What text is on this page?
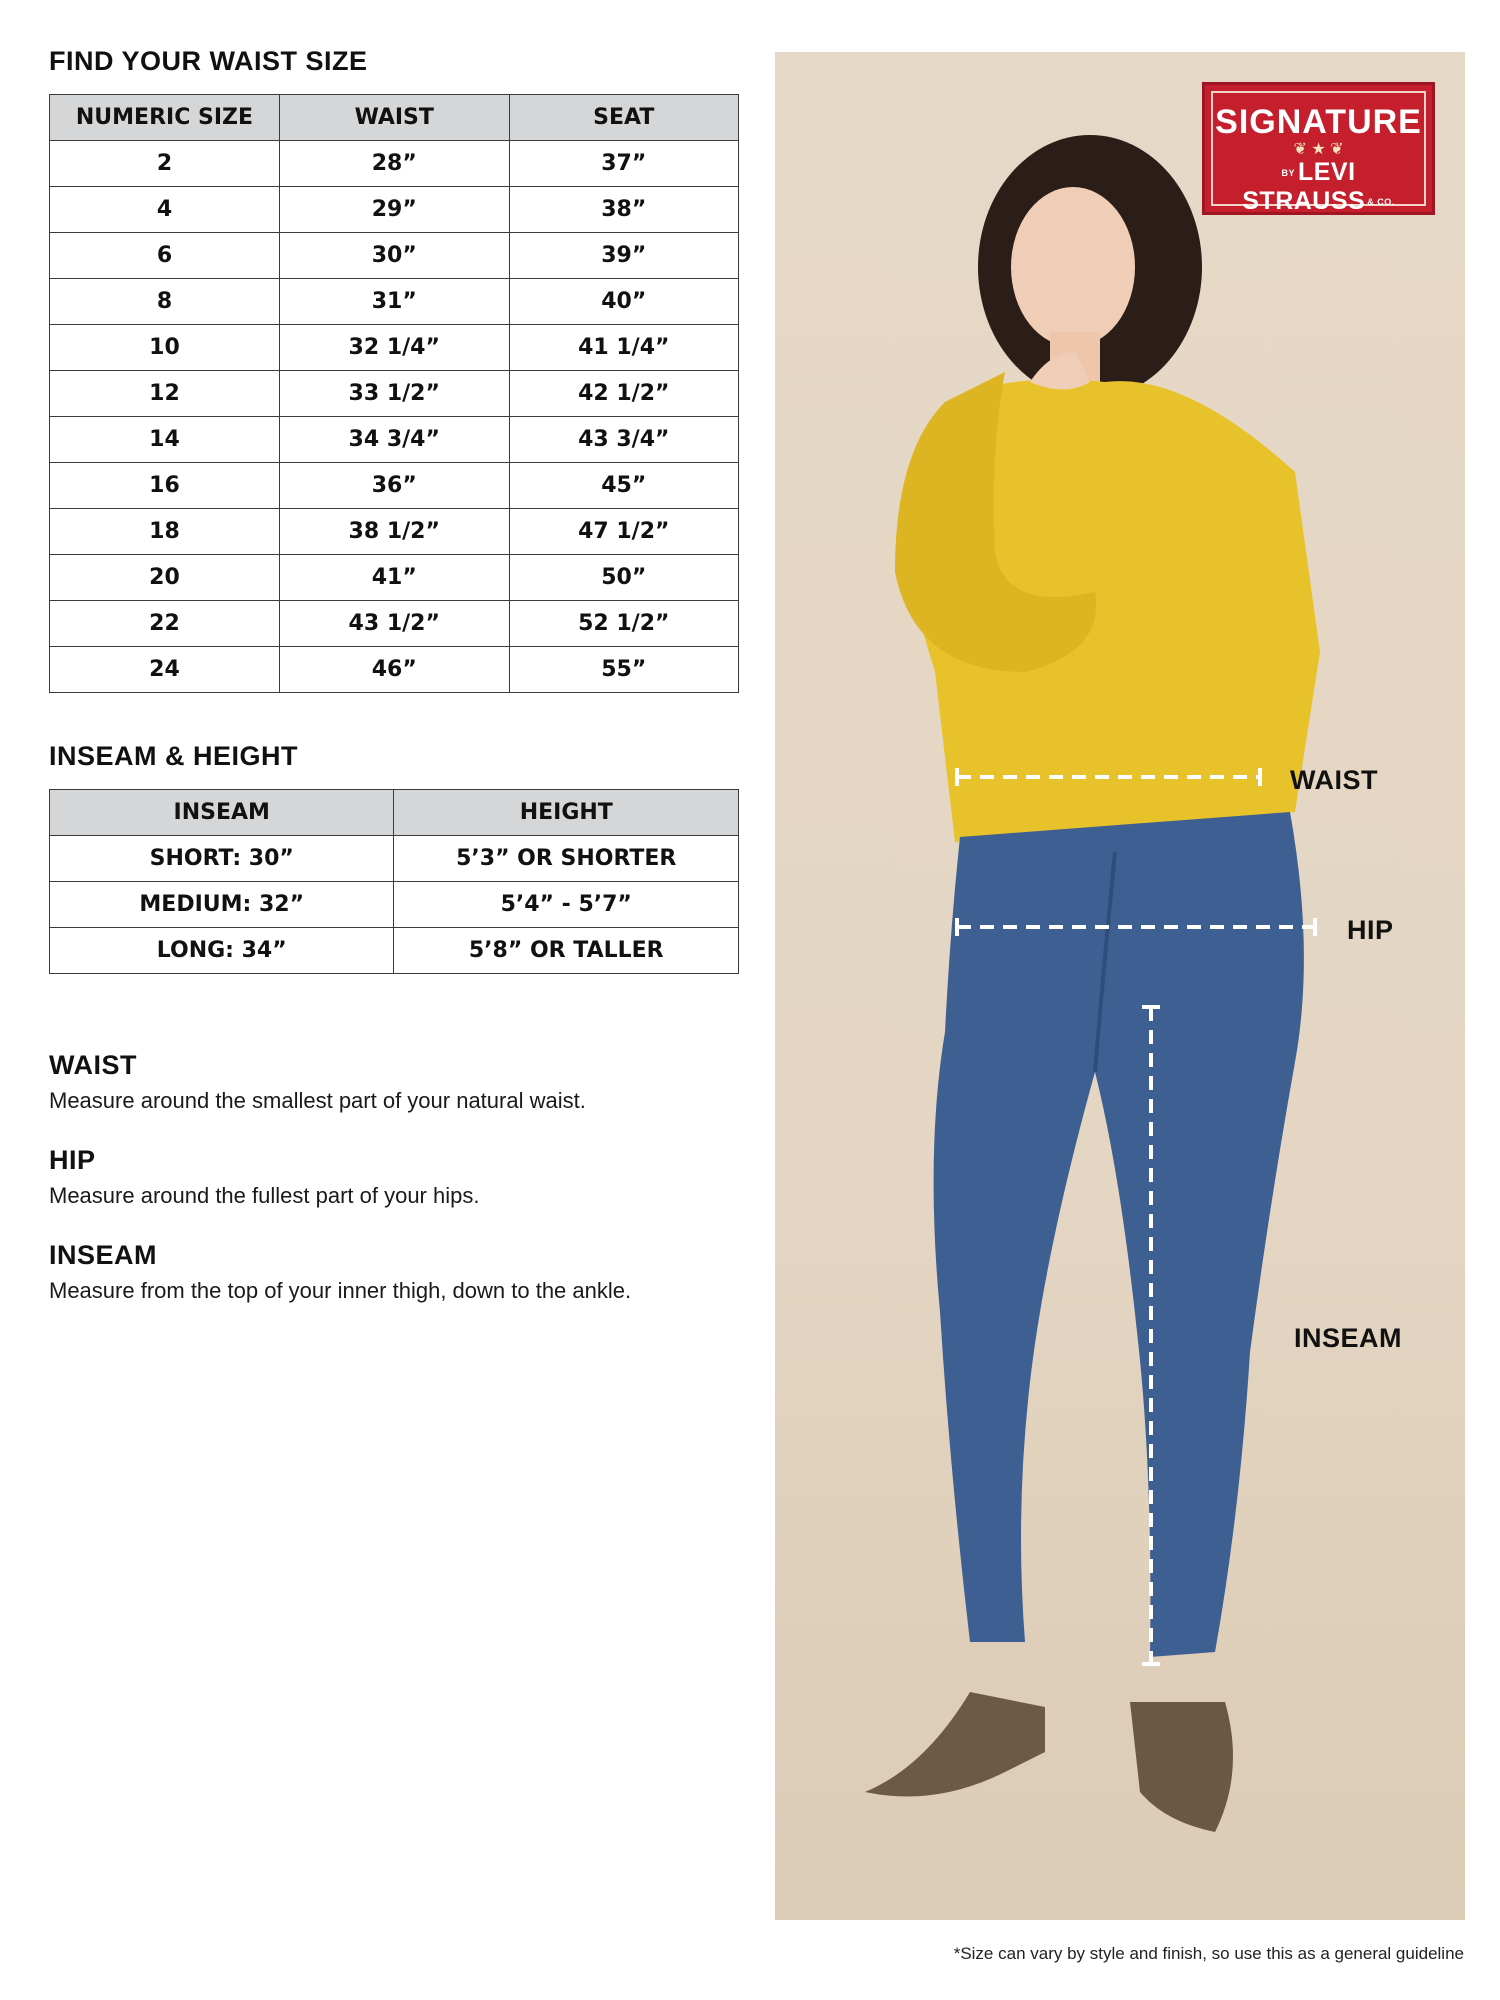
FIND YOUR WAIST SIZE
NUMERIC SIZE	WAIST	SEAT
2	28”	37”
4	29”	38”
6	30”	39”
8	31”	40”
10	32 1/4”	41 1/4”
12	33 1/2”	42 1/2”
14	34 3/4”	43 3/4”
16	36”	45”
18	38 1/2”	47 1/2”
20	41”	50”
22	43 1/2”	52 1/2”
24	46”	55”
INSEAM & HEIGHT
INSEAM	HEIGHT
SHORT: 30”	5’3” OR SHORTER
MEDIUM: 32”	5’4” - 5’7”
LONG: 34”	5’8” OR TALLER

WAIST

Measure around the smallest part of your natural waist.

HIP

Measure around the fullest part of your hips.

INSEAM

Measure from the top of your inner thigh, down to the ankle.

SIGNATURE
❦ ★ ❦
BY LEVI STRAUSS & CO.
WAIST
HIP
INSEAM
*Size can vary by style and finish, so use this as a general guideline
